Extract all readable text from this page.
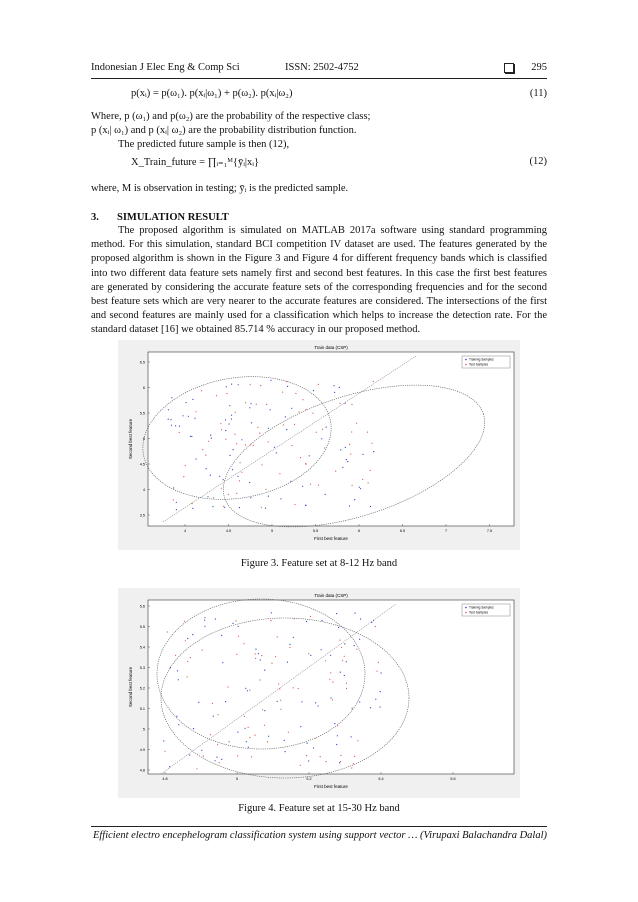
Indonesian J Elec Eng & Comp Sci	ISSN: 2502-4752	295
p(xᵢ) = p(ω₁). p(xᵢ|ω₁) + p(ω₂). p(xᵢ|ω₂)	(11)
Where, p (ω₁) and p(ω₂) are the probability of the respective class;
p (xᵢ| ω₁) and p (xᵢ| ω₂) are the probability distribution function.
The predicted future sample is then (12),
X_Train_future = ∏ᵢ₌₁ᴹ{ȳᵢ|xᵢ}	(12)
where, M is observation in testing; ȳᵢ is the predicted sample.
3. SIMULATION RESULT
The proposed algorithm is simulated on MATLAB 2017a software using standard programming method. For this simulation, standard BCI competition IV dataset are used. The features generated by the proposed algorithm is shown in the Figure 3 and Figure 4 for different frequency bands which is classified into two different data feature sets namely first and second best features. In this case the first best features are generated by considering the accurate feature sets of the corresponding frequencies and for the second best feature sets which are very nearer to the accurate features are considered. The intersections of the first and second features are mainly used for a classification which helps to increase the detection rate. For the standard dataset [16] we obtained 85.714 % accuracy in our proposed method.
Train data (CSP)
First best feature
Second best feature
4	4.5	5	5.5	6	6.5	7	7.5
6.5
6
5.5
5
4.5
4
3.5
Training Samples
Test Samples
Figure 3. Feature set at 8-12 Hz band
Train data (CSP)
First best feature
Second best feature
4.8	5	5.2	5.4	5.6
5.6
5.5
5.4
5.3
5.2
5.1
5
4.9
4.8
Training Samples
Test Samples
Figure 4. Feature set at 15-30 Hz band
Efficient electro encephelogram classification system using support vector … (Virupaxi Balachandra Dalal)
